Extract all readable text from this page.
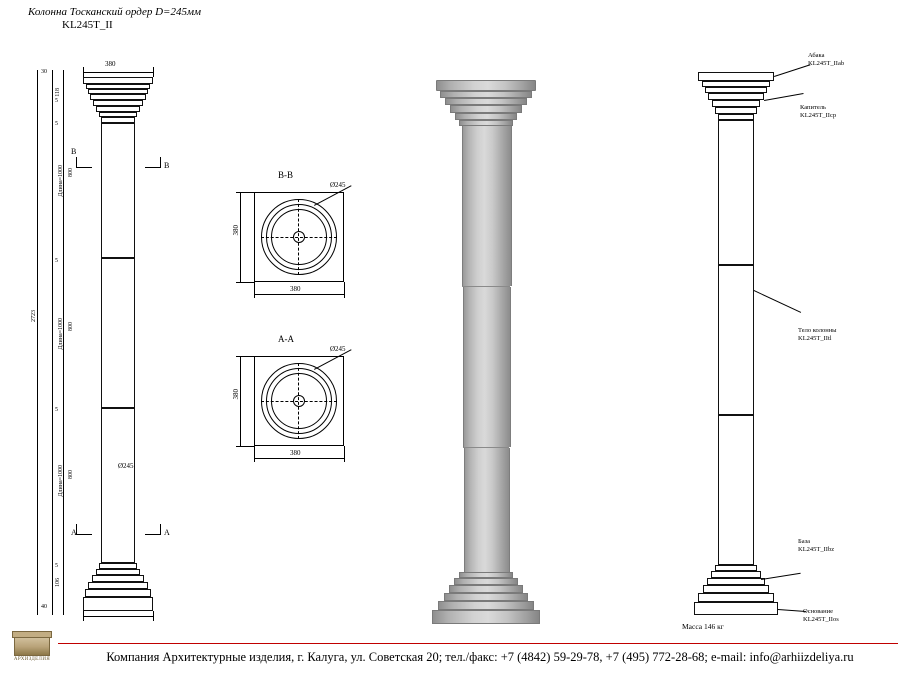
Колонна Тосканский ордер D=245мм
KL245T_II
380
2723
30
118
5
5
Длина=1000 800
Длина=1000 800
Длина=1000 800
5
5
5
106
40
Ø245
B
B
A	A
B-B
Ø245
380
380
A-A
Ø245
380
380
Абака
KL245T_IIab
Капитель
KL245T_IIcp
Тело колонны
KL245T_IItl
База
KL245T_IIbz
Основание
KL245T_IIos
Масса 146 кг
АРХИЗДЕЛИЯ	Компания Архитектурные изделия, г. Калуга, ул. Советская 20; тел./факс: +7 (4842) 59-29-78, +7 (495) 772-28-68; e-mail: info@arhiizdeliya.ru
